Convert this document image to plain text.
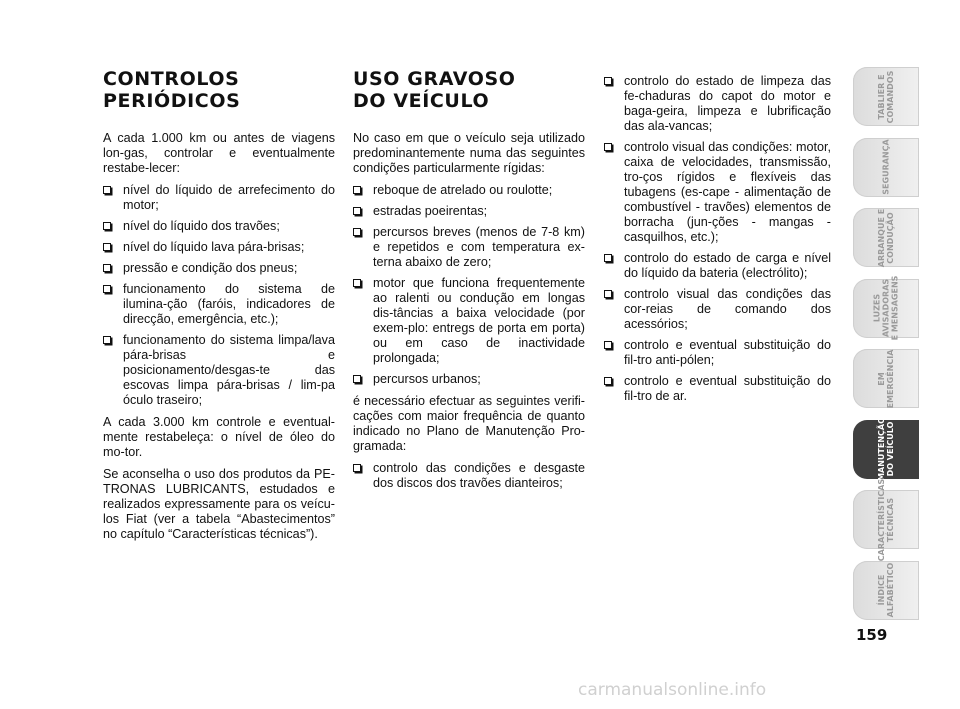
CONTROLOS
PERIÓDICOS

A cada 1.000 km ou antes de viagens lon-gas, controlar e eventualmente restabe-lecer:

nível do líquido de arrefecimento do motor;
nível do líquido dos travões;
nível do líquido lava pára-brisas;
pressão e condição dos pneus;
funcionamento do sistema de ilumina-ção (faróis, indicadores de direcção, emergência, etc.);
funcionamento do sistema limpa/lava pára-brisas e posicionamento/desgas-te das escovas limpa pára-brisas / lim-pa óculo traseiro;

A cada 3.000 km controle e eventual-mente restabeleça: o nível de óleo do mo-tor.

Se aconselha o uso dos produtos da PE-TRONAS LUBRICANTS, estudados e realizados expressamente para os veícu-los Fiat (ver a tabela “Abastecimentos” no capítulo “Características técnicas”).

USO GRAVOSO
DO VEÍCULO

No caso em que o veículo seja utilizado predominantemente numa das seguintes condições particularmente rígidas:

reboque de atrelado ou roulotte;
estradas poeirentas;
percursos breves (menos de 7-8 km) e repetidos e com temperatura ex-terna abaixo de zero;
motor que funciona frequentemente ao ralenti ou condução em longas dis-tâncias a baixa velocidade (por exem-plo: entregs de porta em porta) ou em caso de inactividade prolongada;
percursos urbanos;

é necessário efectuar as seguintes verifi-cações com maior frequência de quanto indicado no Plano de Manutenção Pro-gramada:

controlo das condições e desgaste dos discos dos travões dianteiros;
controlo do estado de limpeza das fe-chaduras do capot do motor e baga-geira, limpeza e lubrificação das ala-vancas;
controlo visual das condições: motor, caixa de velocidades, transmissão, tro-ços rígidos e flexíveis das tubagens (es-cape - alimentação de combustível - travões) elementos de borracha (jun-ções - mangas - casquilhos, etc.);
controlo do estado de carga e nível do líquido da bateria (electrólito);
controlo visual das condições das cor-reias de comando dos acessórios;
controlo e eventual substituição do fil-tro anti-pólen;
controlo e eventual substituição do fil-tro de ar.
TABLIER E
COMANDOS
SEGURANÇA
ARRANQUE E
CONDUÇÃO
LUZES
AVISADORAS
E MENSAGENS
EM
EMERGÊNCIA
MANUTENÇÃO
DO VEÍCULO
CARACTERÍSTICAS
TÉCNICAS
ÍNDICE
ALFABÉTICO
159
carmanualsonline.info
